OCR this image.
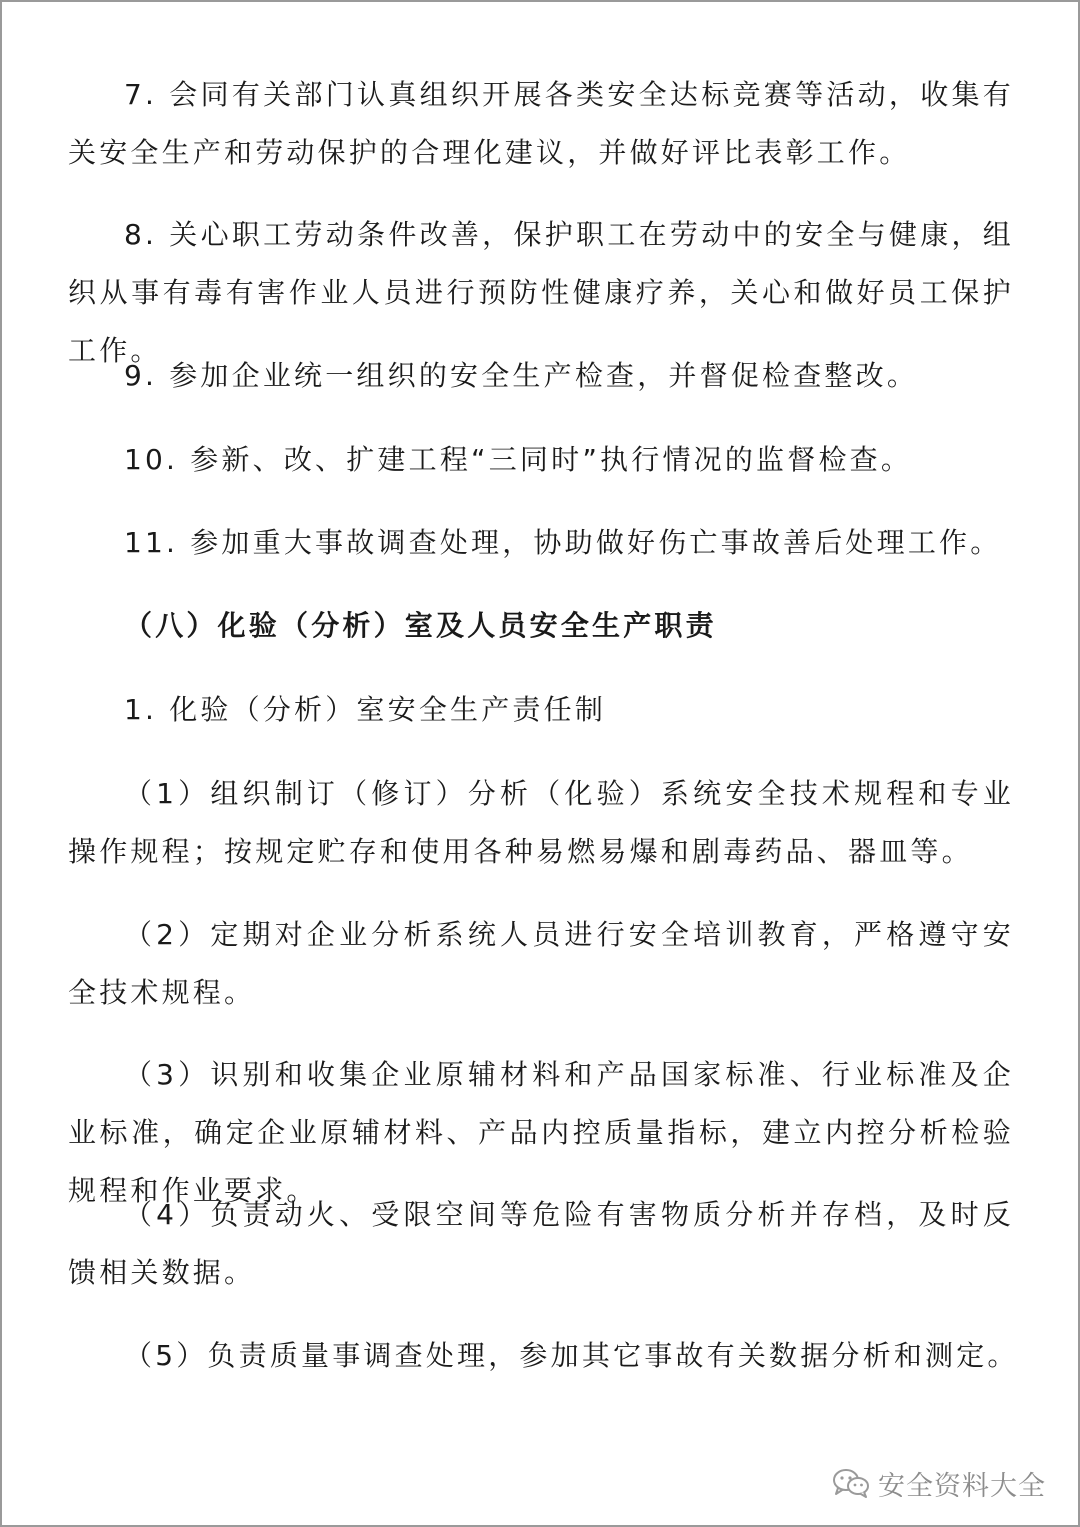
7. 会同有关部门认真组织开展各类安全达标竞赛等活动，收集有关安全生产和劳动保护的合理化建议，并做好评比表彰工作。

8. 关心职工劳动条件改善，保护职工在劳动中的安全与健康，组织从事有毒有害作业人员进行预防性健康疗养，关心和做好员工保护工作。

9. 参加企业统一组织的安全生产检查，并督促检查整改。

10. 参新、改、扩建工程“三同时”执行情况的监督检查。

11. 参加重大事故调查处理，协助做好伤亡事故善后处理工作。

（八）化验（分析）室及人员安全生产职责

1. 化验（分析）室安全生产责任制

（1）组织制订（修订）分析（化验）系统安全技术规程和专业操作规程；按规定贮存和使用各种易燃易爆和剧毒药品、器皿等。

（2）定期对企业分析系统人员进行安全培训教育，严格遵守安全技术规程。

（3）识别和收集企业原辅材料和产品国家标准、行业标准及企业标准，确定企业原辅材料、产品内控质量指标，建立内控分析检验规程和作业要求。

（4）负责动火、受限空间等危险有害物质分析并存档，及时反馈相关数据。

（5）负责质量事调查处理，参加其它事故有关数据分析和测定。

安全资料大全
